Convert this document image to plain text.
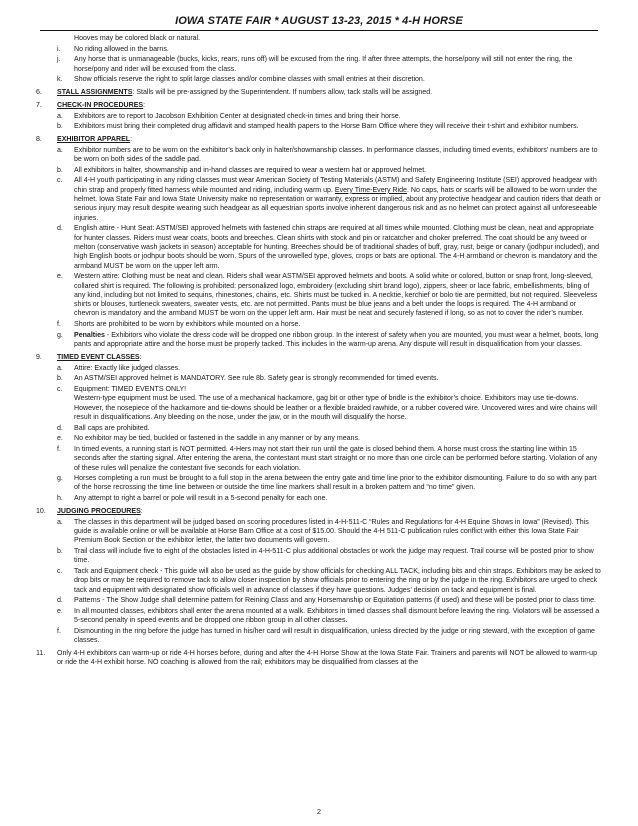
IOWA STATE FAIR * AUGUST 13-23, 2015 * 4-H HORSE
Hooves may be colored black or natural.
i. No riding allowed in the barns.
j. Any horse that is unmanageable (bucks, kicks, rears, runs off) will be excused from the ring. If after three attempts, the horse/pony will still not enter the ring, the horse/pony and rider will be excused from the class.
k. Show officials reserve the right to split large classes and/or combine classes with small entries at their discretion.
6. STALL ASSIGNMENTS: Stalls will be pre-assigned by the Superintendent. If numbers allow, tack stalls will be assigned.
7. CHECK-IN PROCEDURES:
a. Exhibitors are to report to Jacobson Exhibition Center at designated check-in times and bring their horse.
b. Exhibitors must bring their completed drug affidavit and stamped health papers to the Horse Barn Office where they will receive their t-shirt and exhibitor numbers.
8. EXHIBITOR APPAREL:
a. Exhibitor numbers are to be worn on the exhibitor’s back only in halter/showmanship classes. In performance classes, including timed events, exhibitors’ numbers are to be worn on both sides of the saddle pad.
b. All exhibitors in halter, showmanship and in-hand classes are required to wear a western hat or approved helmet.
c. All 4-H youth participating in any riding classes must wear American Society of Testing Materials (ASTM) and Safety Engineering Institute (SEI) approved headgear with chin strap and properly fitted harness while mounted and riding, including warm up. Every Time-Every Ride. No caps, hats or scarfs will be allowed to be worn under the helmet. Iowa State Fair and Iowa State University make no representation or warranty, express or implied, about any protective headgear and caution riders that death or serious injury may result despite wearing such headgear as all equestrian sports involve inherent dangerous risk and as no helmet can protect against all unforeseeable injuries.
d. English attire - Hunt Seat: ASTM/SEI approved helmets with fastened chin straps are required at all times while mounted. Clothing must be clean, neat and appropriate for hunter classes. Riders must wear coats, boots and breeches. Clean shirts with stock and pin or ratcatcher and choker preferred. The coat should be any tweed or melton (conservative wash jackets in season) acceptable for hunting. Breeches should be of traditional shades of buff, gray, rust, beige or canary (jodhpur included), and high English boots or jodhpur boots should be worn. Spurs of the unrowelled type, gloves, crops or bats are optional. The 4-H armband or chevron is mandatory and the armband MUST be worn on the upper left arm.
e. Western attire: Clothing must be neat and clean. Riders shall wear ASTM/SEI approved helmets and boots. A solid white or colored, button or snap front, long-sleeved, collared shirt is required. The following is prohibited: personalized logo, embroidery (excluding shirt brand logo), zippers, sheer or lace fabric, embellishments, bling of any kind, including but not limited to sequins, rhinestones, chains, etc. Shirts must be tucked in. A necktie, kerchief or bolo tie are permitted, but not required. Sleeveless shirts or blouses, turtleneck sweaters, sweater vests, etc. are not permitted. Pants must be blue jeans and a belt under the loops is required. The 4-H armband or chevron is mandatory and the armband MUST be worn on the upper left arm. Hair must be neat and securely fastened if long, so as not to cover the rider’s number.
f. Shorts are prohibited to be worn by exhibitors while mounted on a horse.
g. Penalties - Exhibitors who violate the dress code will be dropped one ribbon group. In the interest of safety when you are mounted, you must wear a helmet, boots, long pants and appropriate attire and the horse must be properly tacked. This includes in the warm-up arena. Any dispute will result in disqualification from your classes.
9. TIMED EVENT CLASSES:
a. Attire: Exactly like judged classes.
b. An ASTM/SEI approved helmet is MANDATORY. See rule 8b. Safety gear is strongly recommended for timed events.
c. Equipment: TIMED EVENTS ONLY!
Western-type equipment must be used. The use of a mechanical hackamore, gag bit or other type of bridle is the exhibitor’s choice. Exhibitors may use tie-downs. However, the nosepiece of the hackamore and tie-downs should be leather or a flexible braided rawhide, or a rubber covered wire. Uncovered wires and wire chains will result in disqualifications. Any bleeding on the nose, under the jaw, or in the mouth will disqualify the horse.
d. Ball caps are prohibited.
e. No exhibitor may be tied, buckled or fastened in the saddle in any manner or by any means.
f. In timed events, a running start is NOT permitted. 4-Hers may not start their run until the gate is closed behind them. A horse must cross the starting line within 15 seconds after the starting signal. After entering the arena, the contestant must start straight or no more than one circle can be performed before starting. Violation of any of these rules will penalize the contestant five seconds for each violation.
g. Horses completing a run must be brought to a full stop in the arena between the entry gate and time line prior to the exhibitor dismounting. Failure to do so with any part of the horse recrossing the time line between or outside the time line markers shall result in a broken pattern and “no time” given.
h. Any attempt to right a barrel or pole will result in a 5-second penalty for each one.
10. JUDGING PROCEDURES:
a. The classes in this department will be judged based on scoring procedures listed in 4-H-511-C “Rules and Regulations for 4-H Equine Shows in Iowa” (Revised). This guide is available online or will be available at Horse Barn Office at a cost of $15.00. Should the 4-H 511-C publication rules conflict with either this Iowa State Fair Premium Book Section or the exhibitor letter, the latter two documents will govern.
b. Trail class will include five to eight of the obstacles listed in 4-H-511-C plus additional obstacles or work the judge may request. Trail course will be posted prior to show time.
c. Tack and Equipment check - This guide will also be used as the guide by show officials for checking ALL TACK, including bits and chin straps. Exhibitors may be asked to drop bits or may be required to remove tack to allow closer inspection by show officials prior to entering the ring or by the judge in the ring. Exhibitors are urged to check tack and equipment with designated show officials well in advance of classes if they have questions. Judges’ decision on tack and equipment is final.
d. Patterns - The Show Judge shall determine pattern for Reining Class and any Horsemanship or Equitation patterns (if used) and these will be posted prior to class time.
e. In all mounted classes, exhibitors shall enter the arena mounted at a walk. Exhibitors in timed classes shall dismount before leaving the ring. Violators will be assessed a 5-second penalty in speed events and be dropped one ribbon group in all other classes.
f. Dismounting in the ring before the judge has turned in his/her card will result in disqualification, unless directed by the judge or ring steward, with the exception of game classes.
11. Only 4-H exhibitors can warm-up or ride 4-H horses before, during and after the 4-H Horse Show at the Iowa State Fair. Trainers and parents will NOT be allowed to warm-up or ride the 4-H exhibit horse. NO coaching is allowed from the rail; exhibitors may be disqualified from classes at the
2
